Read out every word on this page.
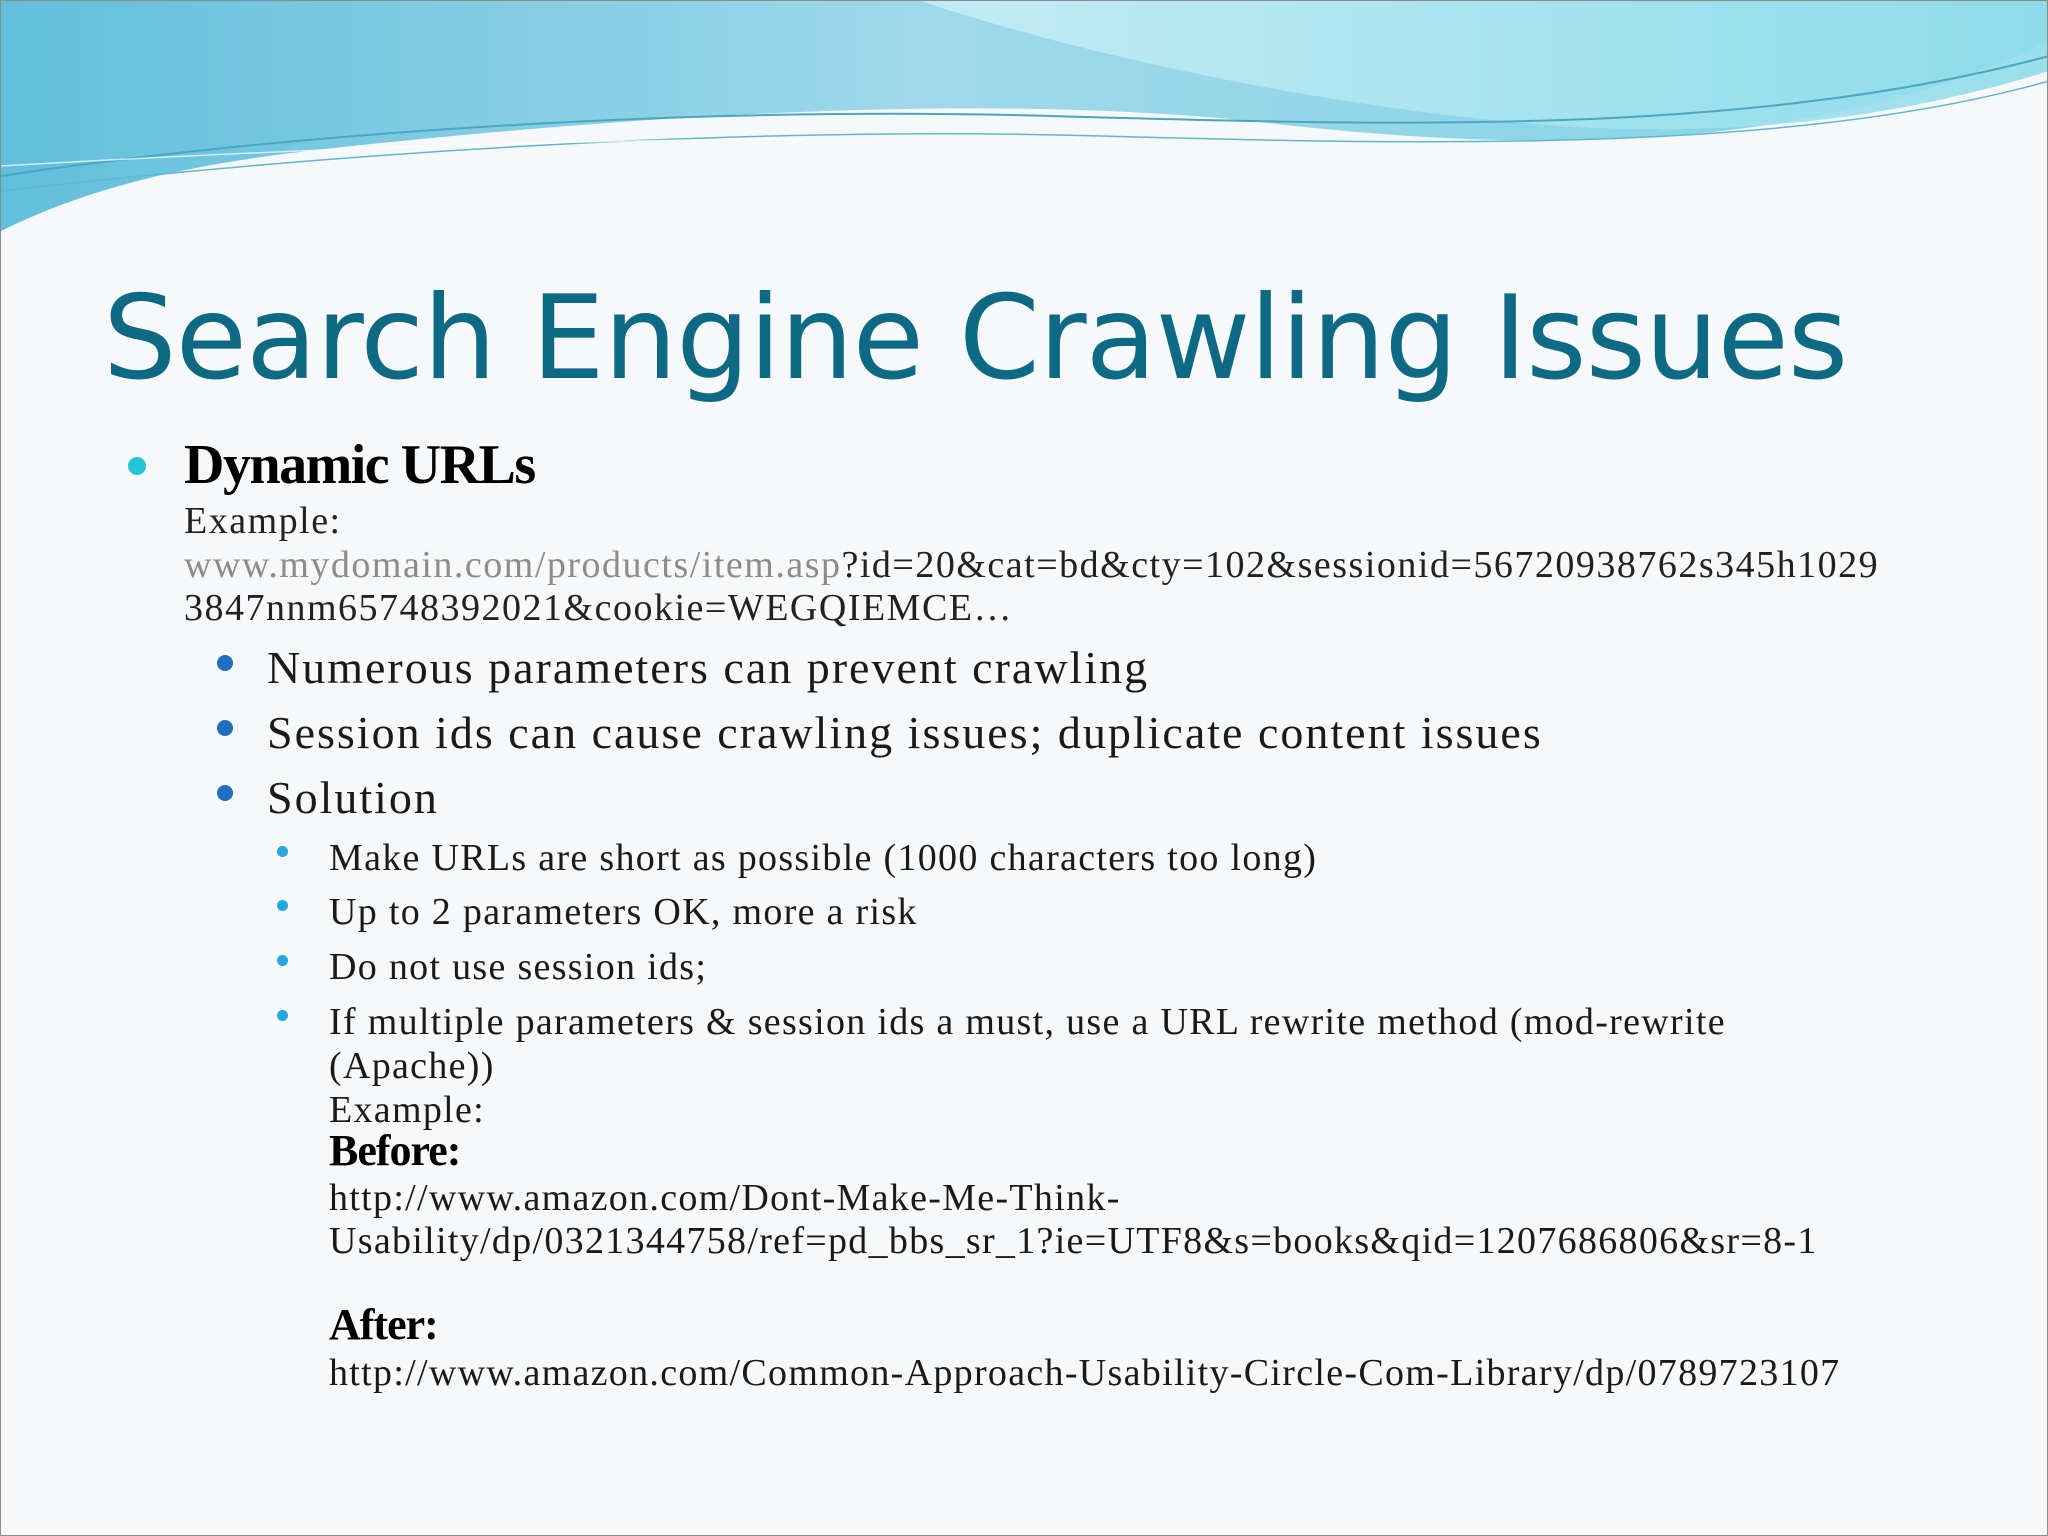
Search Engine Crawling Issues
Dynamic URLs
Example:
www.mydomain.com/products/item.asp?id=20&cat=bd&cty=102&sessionid=56720938762s345h1029
3847nnm65748392021&cookie=WEGQIEMCE…
Numerous parameters can prevent crawling
Session ids can cause crawling issues; duplicate content issues
Solution
Make URLs are short as possible (1000 characters too long)
Up to 2 parameters OK, more a risk
Do not use session ids;
If multiple parameters & session ids a must, use a URL rewrite method (mod-rewrite
(Apache))
Example:
Before:
http://www.amazon.com/Dont-Make-Me-Think-
Usability/dp/0321344758/ref=pd_bbs_sr_1?ie=UTF8&s=books&qid=1207686806&sr=8-1
After:
http://www.amazon.com/Common-Approach-Usability-Circle-Com-Library/dp/0789723107
